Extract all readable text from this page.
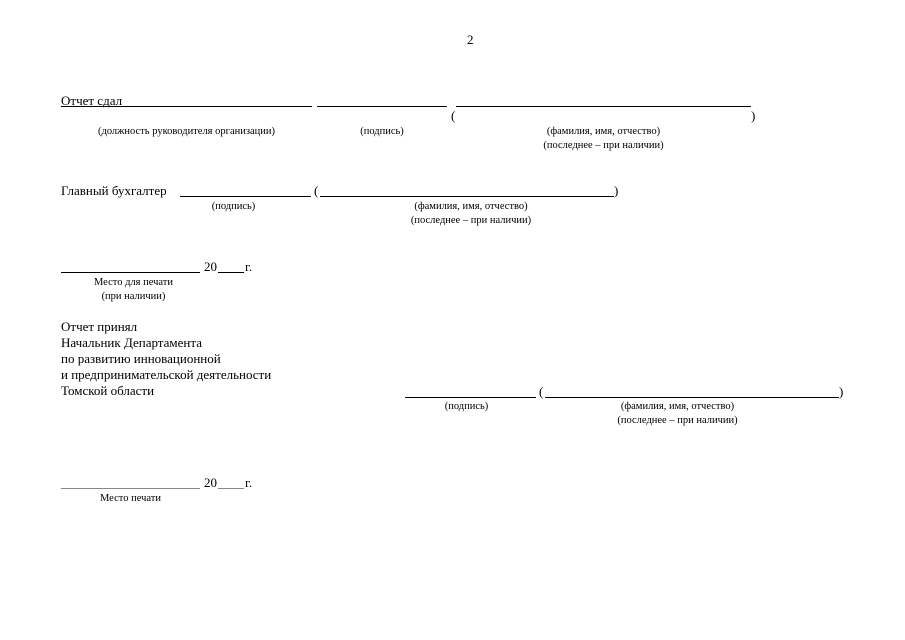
2
Отчет сдал
(	)
(должность руководителя организации)	(подпись)	(фамилия, имя, отчество)
(последнее – при наличии)
Главный бухгалтер	(	)
(подпись)	(фамилия, имя, отчество)
(последнее – при наличии)
20 г.
Место для печати
(при наличии)
Отчет принял
Начальник Департамента
по развитию инновационной
и предпринимательской деятельности
Томской области	(	)
(подпись)	(фамилия, имя, отчество)
(последнее – при наличии)
20 г.
Место печати
